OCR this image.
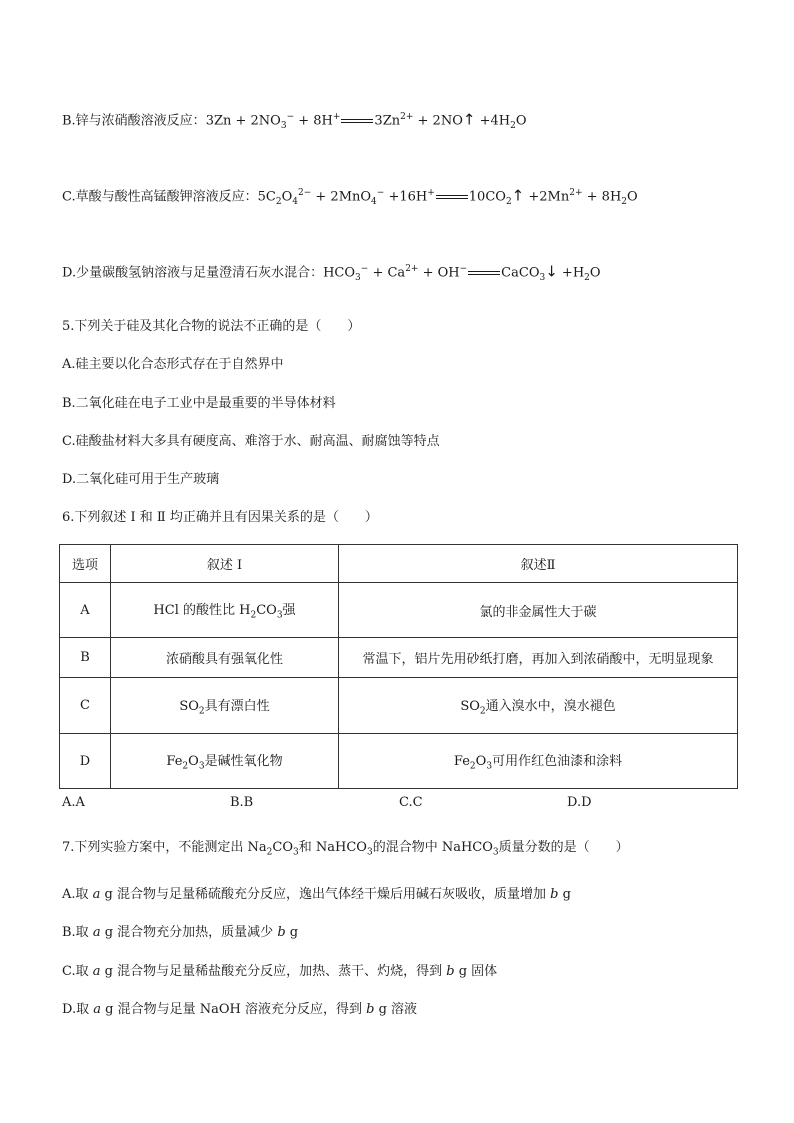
B.锌与浓硝酸溶液反应：$3Zn + 2NO_3^- + 8H^+$	$3Zn^{2+}$ + 2NO↑ $+4H_2O$
C.草酸与酸性高锰酸钾溶液反应：$5C_2O_4^{2-} + 2MnO_4^- +16H^+$	$10CO_2↑ +2Mn^{2+} + 8H_2O$
D.少量碳酸氢钠溶液与足量澄清石灰水混合：$HCO_3^- + Ca^{2+} + OH^-$	CaCO$_3$↓ $+H_2O$
5.下列关于硅及其化合物的说法不正确的是（　　）
A.硅主要以化合态形式存在于自然界中
B.二氧化硅在电子工业中是最重要的半导体材料
C.硅酸盐材料大多具有硬度高、难溶于水、耐高温、耐腐蚀等特点
D.二氧化硅可用于生产玻璃
6.下列叙述 Ⅰ 和 Ⅱ 均正确并且有因果关系的是（　　）
选项	叙述 Ⅰ	叙述Ⅱ
A	HCl 的酸性比 $H_2CO_3$强	氯的非金属性大于碳
B	浓硝酸具有强氧化性	常温下，铝片先用砂纸打磨，再加入到浓硝酸中，无明显现象
C	$SO_2$具有漂白性	$SO_2$通入溴水中，溴水褪色
D	$Fe_2O_3$是碱性氧化物	$Fe_2O_3$可用作红色油漆和涂料
A.A	B.B	C.C	D.D
7.下列实验方案中，不能测定出 $Na_2CO_3$和 NaHCO$_3$的混合物中 NaHCO$_3$质量分数的是（　　）
A.取 a g 混合物与足量稀硫酸充分反应，逸出气体经干燥后用碱石灰吸收，质量增加 b g
B.取 a g 混合物充分加热，质量减少 b g
C.取 a g 混合物与足量稀盐酸充分反应，加热、蒸干、灼烧，得到 b g 固体
D.取 a g 混合物与足量 NaOH 溶液充分反应，得到 b g 溶液
